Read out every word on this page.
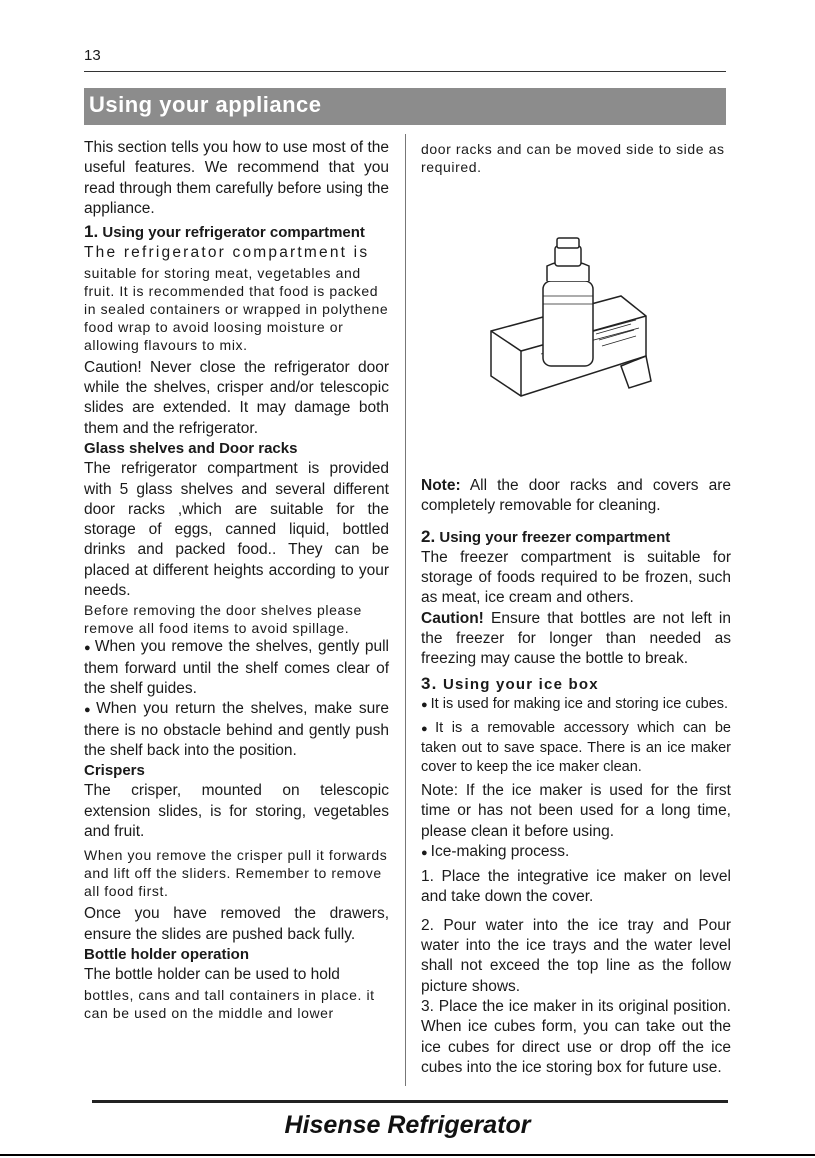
13
Using your appliance

This section tells you how to use most of the useful features. We recommend that you read through them carefully before using the appliance.

1. Using your refrigerator compartment

The refrigerator compartment is

suitable for storing meat, vegetables and fruit. It is recommended that food is packed in sealed containers or wrapped in polythene food wrap to avoid loosing moisture or allowing flavours to mix.

Caution! Never close the refrigerator door while the shelves, crisper and/or telescopic slides are extended. It may damage both them and the refrigerator.

Glass shelves and Door racks

The refrigerator compartment is provided with 5 glass shelves and several different door racks ,which are suitable for the storage of eggs, canned liquid, bottled drinks and packed food.. They can be placed at different heights according to your needs.

Before removing the door shelves please remove all food items to avoid spillage.

● When you remove the shelves, gently pull them forward until the shelf comes clear of the shelf guides.

● When you return the shelves, make sure there is no obstacle behind and gently push the shelf back into the position.

Crispers

The crisper, mounted on telescopic extension slides, is for storing, vegetables and fruit.

When you remove the crisper pull it forwards and lift off the sliders. Remember to remove all food first.

Once you have removed the drawers, ensure the slides are pushed back fully.

Bottle holder operation

The bottle holder can be used to hold

bottles, cans and tall containers in place. it can be used on the middle and lower

door racks and can be moved side to side as required.

Note: All the door racks and covers are completely removable for cleaning.

2. Using your freezer compartment

The freezer compartment is suitable for storage of foods required to be frozen, such as meat, ice cream and others.

Caution! Ensure that bottles are not left in the freezer for longer than needed as freezing may cause the bottle to break.

3. Using your ice box

● It is used for making ice and storing ice cubes.

● It is a removable accessory which can be taken out to save space. There is an ice maker cover to keep the ice maker clean.

Note: If the ice maker is used for the first time or has not been used for a long time, please clean it before using.

● Ice-making process.

1. Place the integrative ice maker on level and take down the cover.

2. Pour water into the ice tray and Pour water into the ice trays and the water level shall not exceed the top line as the follow picture shows.

3. Place the ice maker in its original position. When ice cubes form, you can take out the ice cubes for direct use or drop off the ice cubes into the ice storing box for future use.

Hisense Refrigerator
